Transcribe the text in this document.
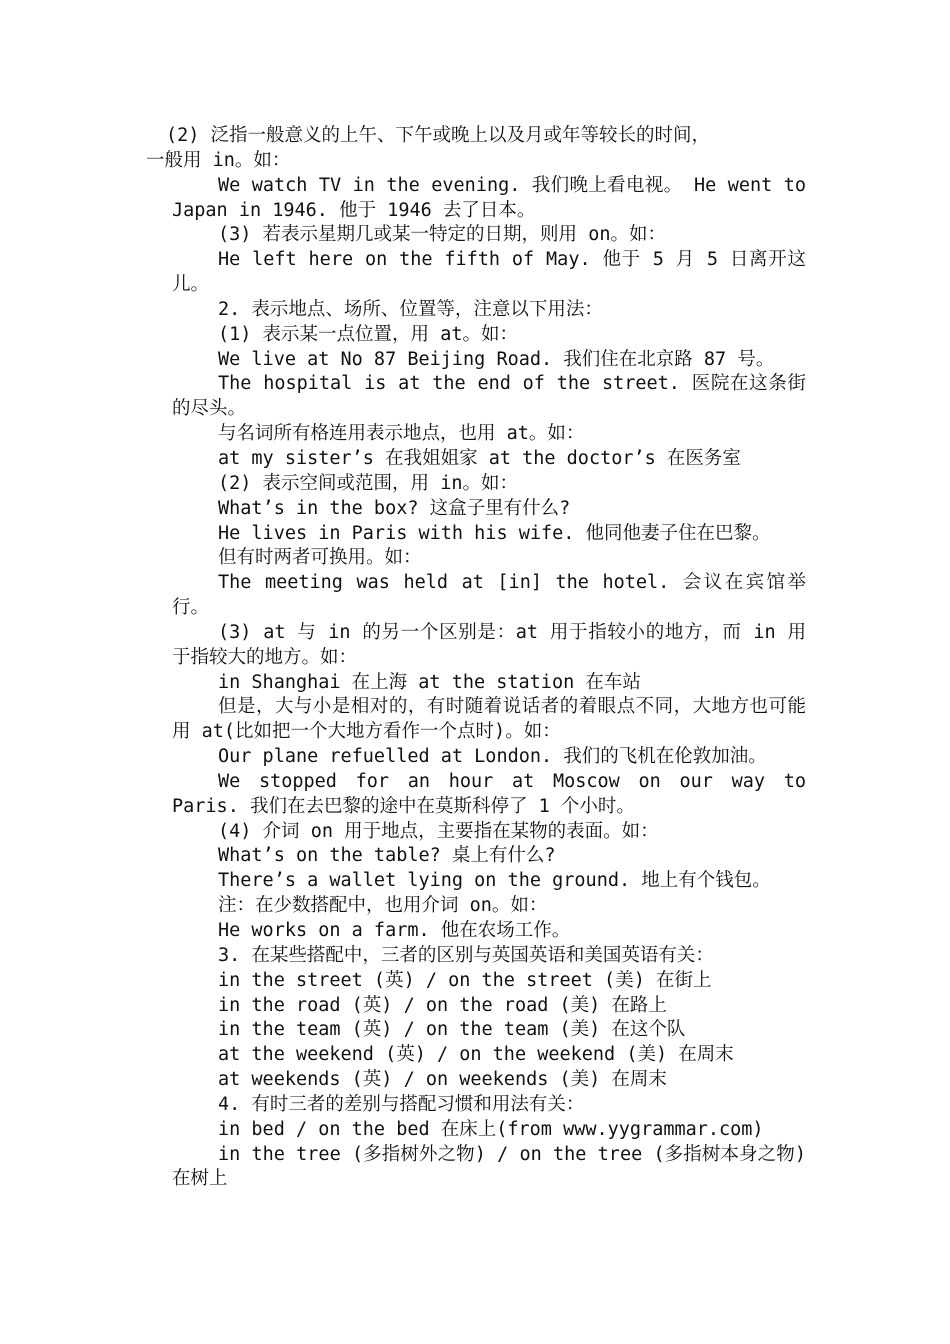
(2) 泛指一般意义的上午、下午或晚上以及月或年等较长的时间，
一般用 in。如：

We watch TV in the evening. 我们晚上看电视。 He went to Japan in 1946. 他于 1946 去了日本。

(3) 若表示星期几或某一特定的日期，则用 on。如：

He left here on the fifth of May. 他于 5 月 5 日离开这儿。

2. 表示地点、场所、位置等，注意以下用法：

(1) 表示某一点位置，用 at。如：

We live at No 87 Beijing Road. 我们住在北京路 87 号。

The hospital is at the end of the street. 医院在这条街的尽头。

与名词所有格连用表示地点，也用 at。如：

at my sister’s 在我姐姐家 at the doctor’s 在医务室

(2) 表示空间或范围，用 in。如：

What’s in the box? 这盒子里有什么?

He lives in Paris with his wife. 他同他妻子住在巴黎。

但有时两者可换用。如：

The meeting was held at [in] the hotel. 会议在宾馆举行。

(3) at 与 in 的另一个区别是：at 用于指较小的地方，而 in 用于指较大的地方。如：

in Shanghai 在上海 at the station 在车站

但是，大与小是相对的，有时随着说话者的着眼点不同，大地方也可能用 at(比如把一个大地方看作一个点时)。如：

Our plane refuelled at London. 我们的飞机在伦敦加油。

We stopped for an hour at Moscow on our way to Paris. 我们在去巴黎的途中在莫斯科停了 1 个小时。

(4) 介词 on 用于地点，主要指在某物的表面。如：

What’s on the table? 桌上有什么?

There’s a wallet lying on the ground. 地上有个钱包。

注：在少数搭配中，也用介词 on。如：

He works on a farm. 他在农场工作。

3. 在某些搭配中，三者的区别与英国英语和美国英语有关：

in the street (英) / on the street (美) 在街上

in the road (英) / on the road (美) 在路上

in the team (英) / on the team (美) 在这个队

at the weekend (英) / on the weekend (美) 在周末

at weekends (英) / on weekends (美) 在周末

4. 有时三者的差别与搭配习惯和用法有关：

in bed / on the bed 在床上(from www.yygrammar.com)

in the tree (多指树外之物) / on the tree (多指树本身之物) 在树上
